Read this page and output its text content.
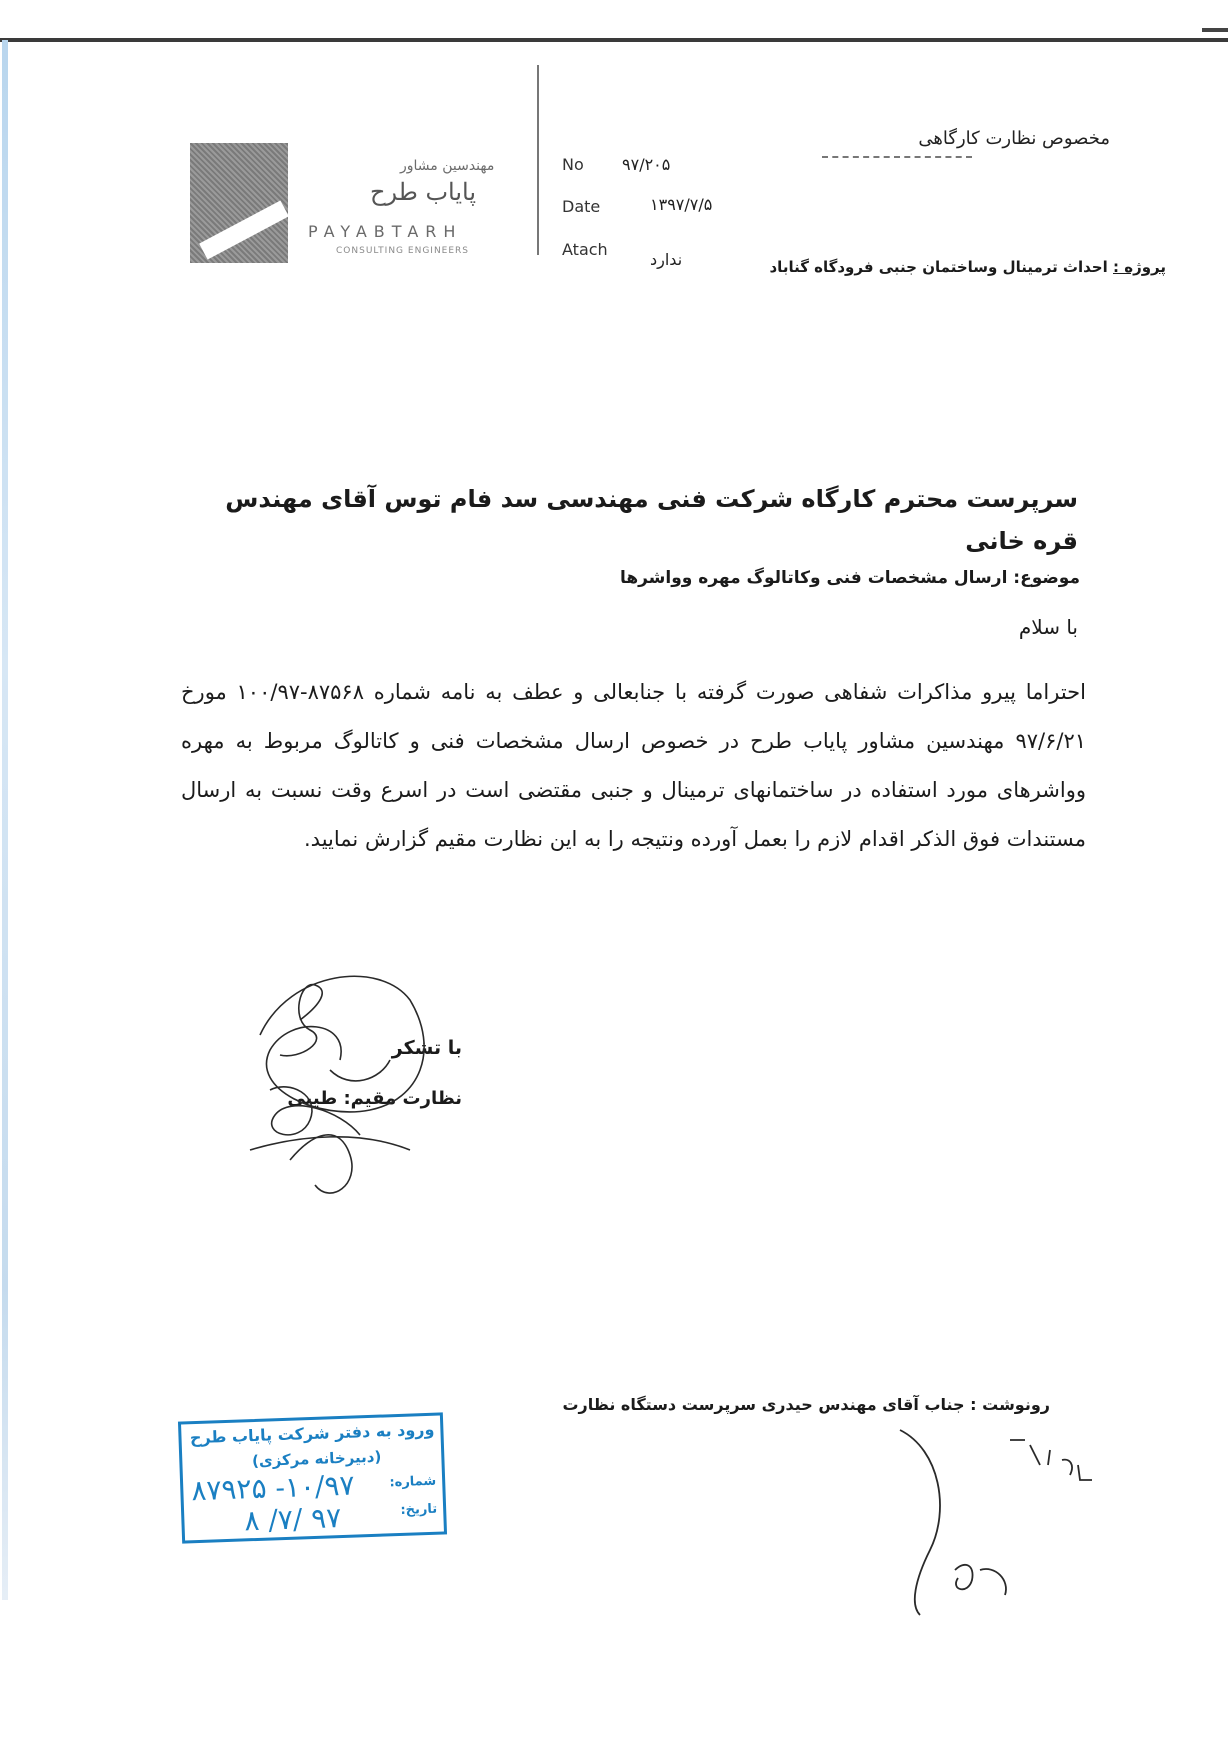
مهندسین مشاور
پایاب طرح
PAYABTARH
CONSULTING ENGINEERS
No ۹۷/۲۰۵
Date	۱۳۹۷/۷/۵
Atach
ندارد
مخصوص نظارت کارگاهی
پروژه : احداث ترمینال وساختمان جنبی فرودگاه گناباد
سرپرست محترم کارگاه شرکت فنی مهندسی سد فام توس آقای مهندس قره خانی
موضوع: ارسال مشخصات فنی وکاتالوگ مهره وواشرها
با سلام
احتراما پیرو مذاکرات شفاهی صورت گرفته با جنابعالی و عطف به نامه شماره ۸۷۵۶۸-۱۰۰/۹۷ مورخ ۹۷/۶/۲۱ مهندسین مشاور پایاب طرح در خصوص ارسال مشخصات فنی و کاتالوگ مربوط به مهره وواشرهای مورد استفاده در ساختمانهای ترمینال و جنبی مقتضی است در اسرع وقت نسبت به ارسال مستندات فوق الذکر اقدام لازم را بعمل آورده ونتیجه را به این نظارت مقیم گزارش نمایید.
با تشکر
نظارت مقیم: طیبی
رونوشت : جناب آقای مهندس حیدری سرپرست دستگاه نظارت
ورود به دفتر شرکت پایاب طرح
(دبیرخانه مرکزی)
شماره:
۱۰/۹۷- ۸۷۹۲۵
تاریخ:
۹۷ /۷/ ۸
